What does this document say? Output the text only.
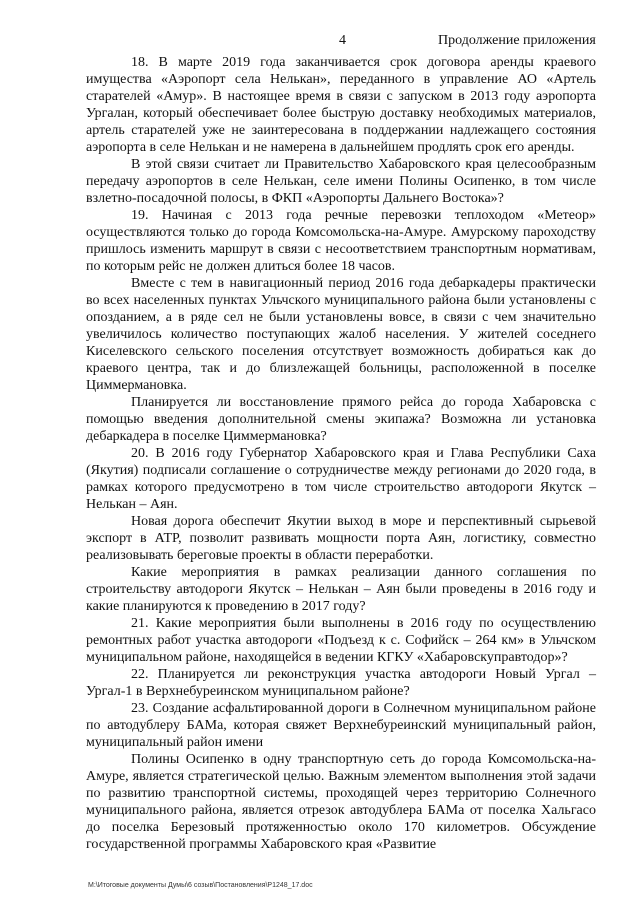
4	Продолжение приложения

18. В марте 2019 года заканчивается срок договора аренды краевого имущества «Аэропорт села Нелькан», переданного в управление АО «Артель старателей «Амур». В настоящее время в связи с запуском в 2013 году аэропорта Ургалан, который обеспечивает более быструю доставку необходимых материалов, артель старателей уже не заинтересована в поддержании надлежащего состояния аэропорта в селе Нелькан и не намерена в дальнейшем продлять срок его аренды.

В этой связи считает ли Правительство Хабаровского края целесообразным передачу аэропортов в селе Нелькан, селе имени Полины Осипенко, в том числе взлетно-посадочной полосы, в ФКП «Аэропорты Дальнего Востока»?

19. Начиная с 2013 года речные перевозки теплоходом «Метеор» осуществляются только до города Комсомольска-на-Амуре. Амурскому пароходству пришлось изменить маршрут в связи с несоответствием транспортным нормативам, по которым рейс не должен длиться более 18 часов.

Вместе с тем в навигационный период 2016 года дебаркадеры практически во всех населенных пунктах Ульчского муниципального района были установлены с опозданием, а в ряде сел не были установлены вовсе, в связи с чем значительно увеличилось количество поступающих жалоб населения. У жителей соседнего Киселевского сельского поселения отсутствует возможность добираться как до краевого центра, так и до близлежащей больницы, расположенной в поселке Циммермановка.

Планируется ли восстановление прямого рейса до города Хабаровска с помощью введения дополнительной смены экипажа? Возможна ли установка дебаркадера в поселке Циммермановка?

20. В 2016 году Губернатор Хабаровского края и Глава Республики Саха (Якутия) подписали соглашение о сотрудничестве между регионами до 2020 года, в рамках которого предусмотрено в том числе строительство автодороги Якутск – Нелькан – Аян.

Новая дорога обеспечит Якутии выход в море и перспективный сырьевой экспорт в АТР, позволит развивать мощности порта Аян, логистику, совместно реализовывать береговые проекты в области переработки.

Какие мероприятия в рамках реализации данного соглашения по строительству автодороги Якутск – Нелькан – Аян были проведены в 2016 году и какие планируются к проведению в 2017 году?

21. Какие мероприятия были выполнены в 2016 году по осуществлению ремонтных работ участка автодороги «Подъезд к с. Софийск – 264 км» в Ульчском муниципальном районе, находящейся в ведении КГКУ «Хабаровскуправтодор»?

22. Планируется ли реконструкция участка автодороги Новый Ургал – Ургал-1 в Верхнебуреинском муниципальном районе?

23. Создание асфальтированной дороги в Солнечном муниципальном районе по автодублеру БАМа, которая свяжет Верхнебуреинский муниципальный район, муниципальный район имени

Полины Осипенко в одну транспортную сеть до города Комсомольска-на-Амуре, является стратегической целью. Важным элементом выполнения этой задачи по развитию транспортной системы, проходящей через территорию Солнечного муниципального района, является отрезок автодублера БАМа от поселка Хальгасо до поселка Березовый протяженностью около 170 километров. Обсуждение государственной программы Хабаровского края «Развитие

M:\Итоговые документы Думы\6 созыв\Постановления\P1248_17.doc
